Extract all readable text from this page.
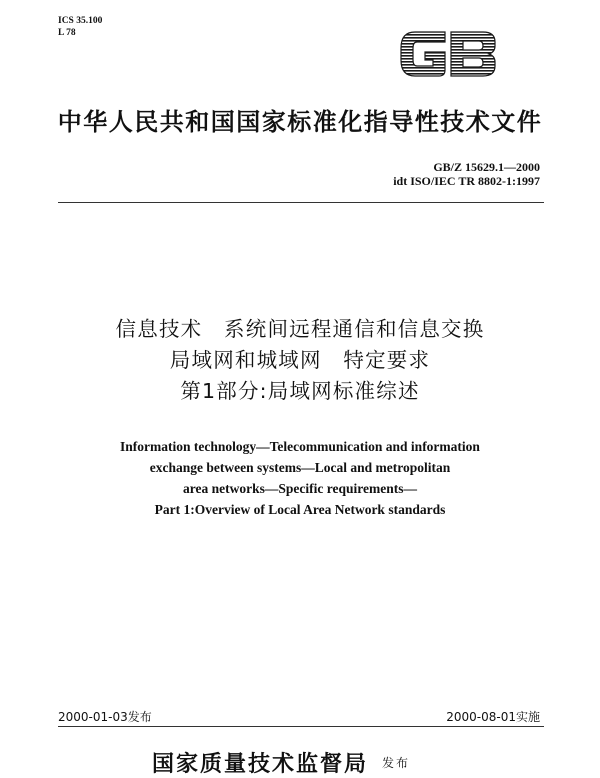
ICS 35.100
L 78
中华人民共和国国家标准化指导性技术文件
GB/Z 15629.1—2000
idt ISO/IEC TR 8802-1:1997
信息技术　系统间远程通信和信息交换
局域网和城域网　特定要求
第1部分:局域网标准综述
Information technology—Telecommunication and information
exchange between systems—Local and metropolitan
area networks—Specific requirements—
Part 1:Overview of Local Area Network standards
2000-01-03发布	2000-08-01实施
国家质量技术监督局 发布
